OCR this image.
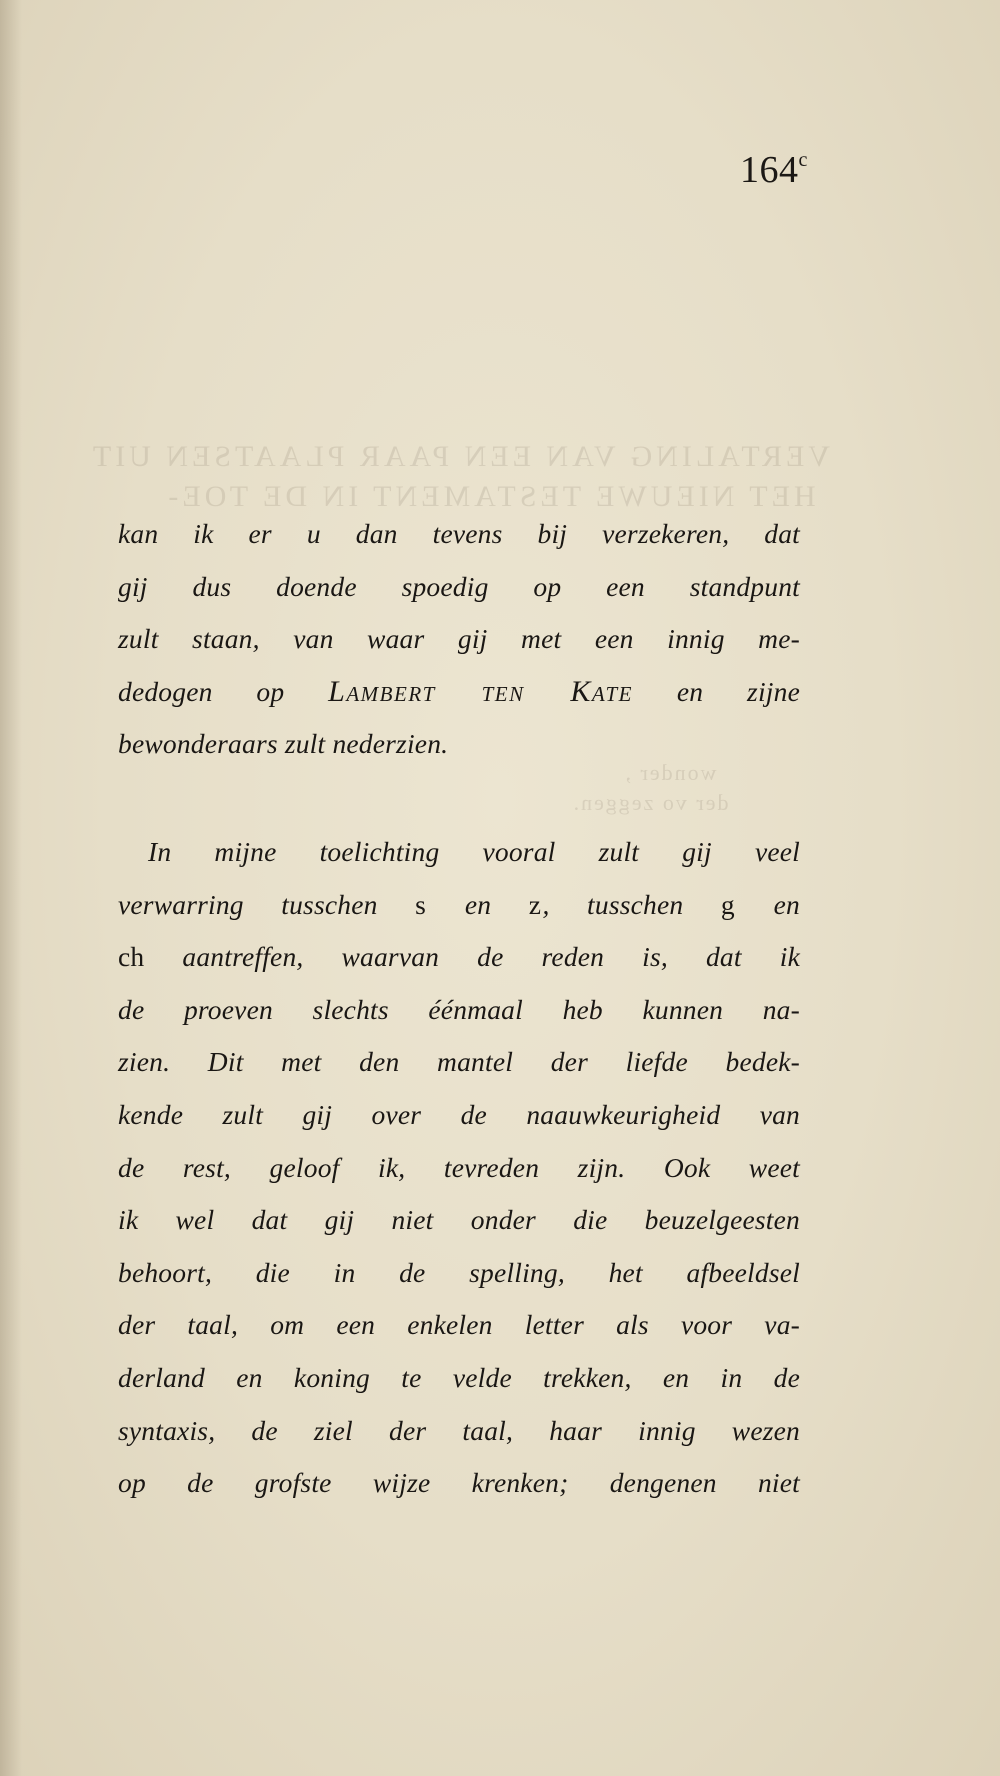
VERTALING VAN EEN PAAR PLAATSEN UIT
HET NIEUWE TESTAMENT IN DE TOE-
wonder ,
der vo zeggen.
164$^c$
kan ik er u dan tevens bij verzekeren, dat
gij dus doende spoedig op een standpunt
zult staan, van waar gij met een innig me-
dedogen op Lambert ten Kate en zijne
bewonderaars zult nederzien.
In mijne toelichting vooral zult gij veel
verwarring tusschen s en z, tusschen g en
ch aantreffen, waarvan de reden is, dat ik
de proeven slechts éénmaal heb kunnen na-
zien. Dit met den mantel der liefde bedek-
kende zult gij over de naauwkeurigheid van
de rest, geloof ik, tevreden zijn. Ook weet
ik wel dat gij niet onder die beuzelgeesten
behoort, die in de spelling, het afbeeldsel
der taal, om een enkelen letter als voor va-
derland en koning te velde trekken, en in de
syntaxis, de ziel der taal, haar innig wezen
op de grofste wijze krenken; dengenen niet
